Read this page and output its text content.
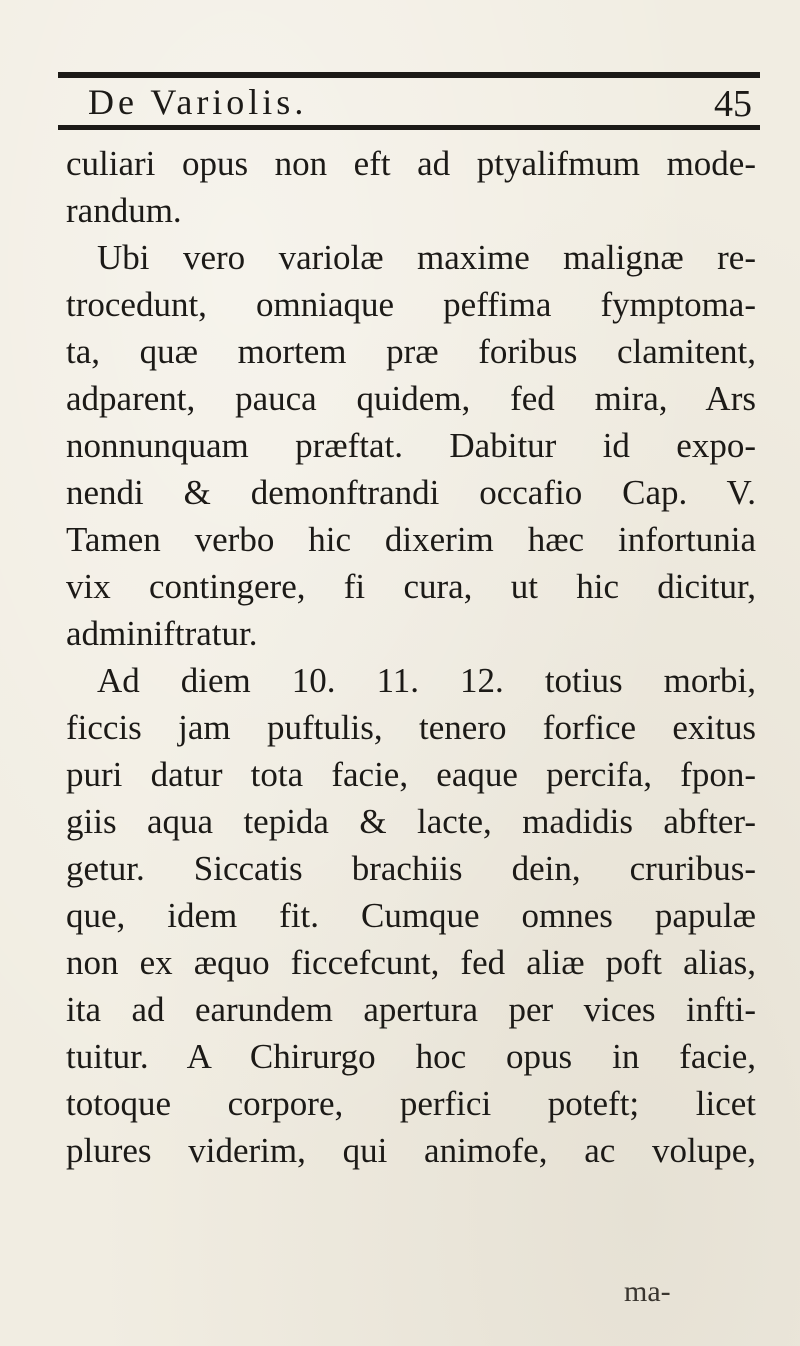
De Variolis.	45
culiari opus non eft ad ptyalifmum mode-
randum.
Ubi vero variolæ maxime malignæ re-
trocedunt, omniaque peffima fymptoma-
ta, quæ mortem præ foribus clamitent,
adparent, pauca quidem, fed mira, Ars
nonnunquam præftat. Dabitur id expo-
nendi & demonftrandi occafio Cap. V.
Tamen verbo hic dixerim hæc infortunia
vix contingere, fi cura, ut hic dicitur,
adminiftratur.
Ad diem 10. 11. 12. totius morbi,
ficcis jam puftulis, tenero forfice exitus
puri datur tota facie, eaque percifa, fpon-
giis aqua tepida & lacte, madidis abfter-
getur. Siccatis brachiis dein, cruribus-
que, idem fit. Cumque omnes papulæ
non ex æquo ficcefcunt, fed aliæ poft alias,
ita ad earundem apertura per vices infti-
tuitur. A Chirurgo hoc opus in facie,
totoque corpore, perfici poteft; licet
plures viderim, qui animofe, ac volupe,
ma-
